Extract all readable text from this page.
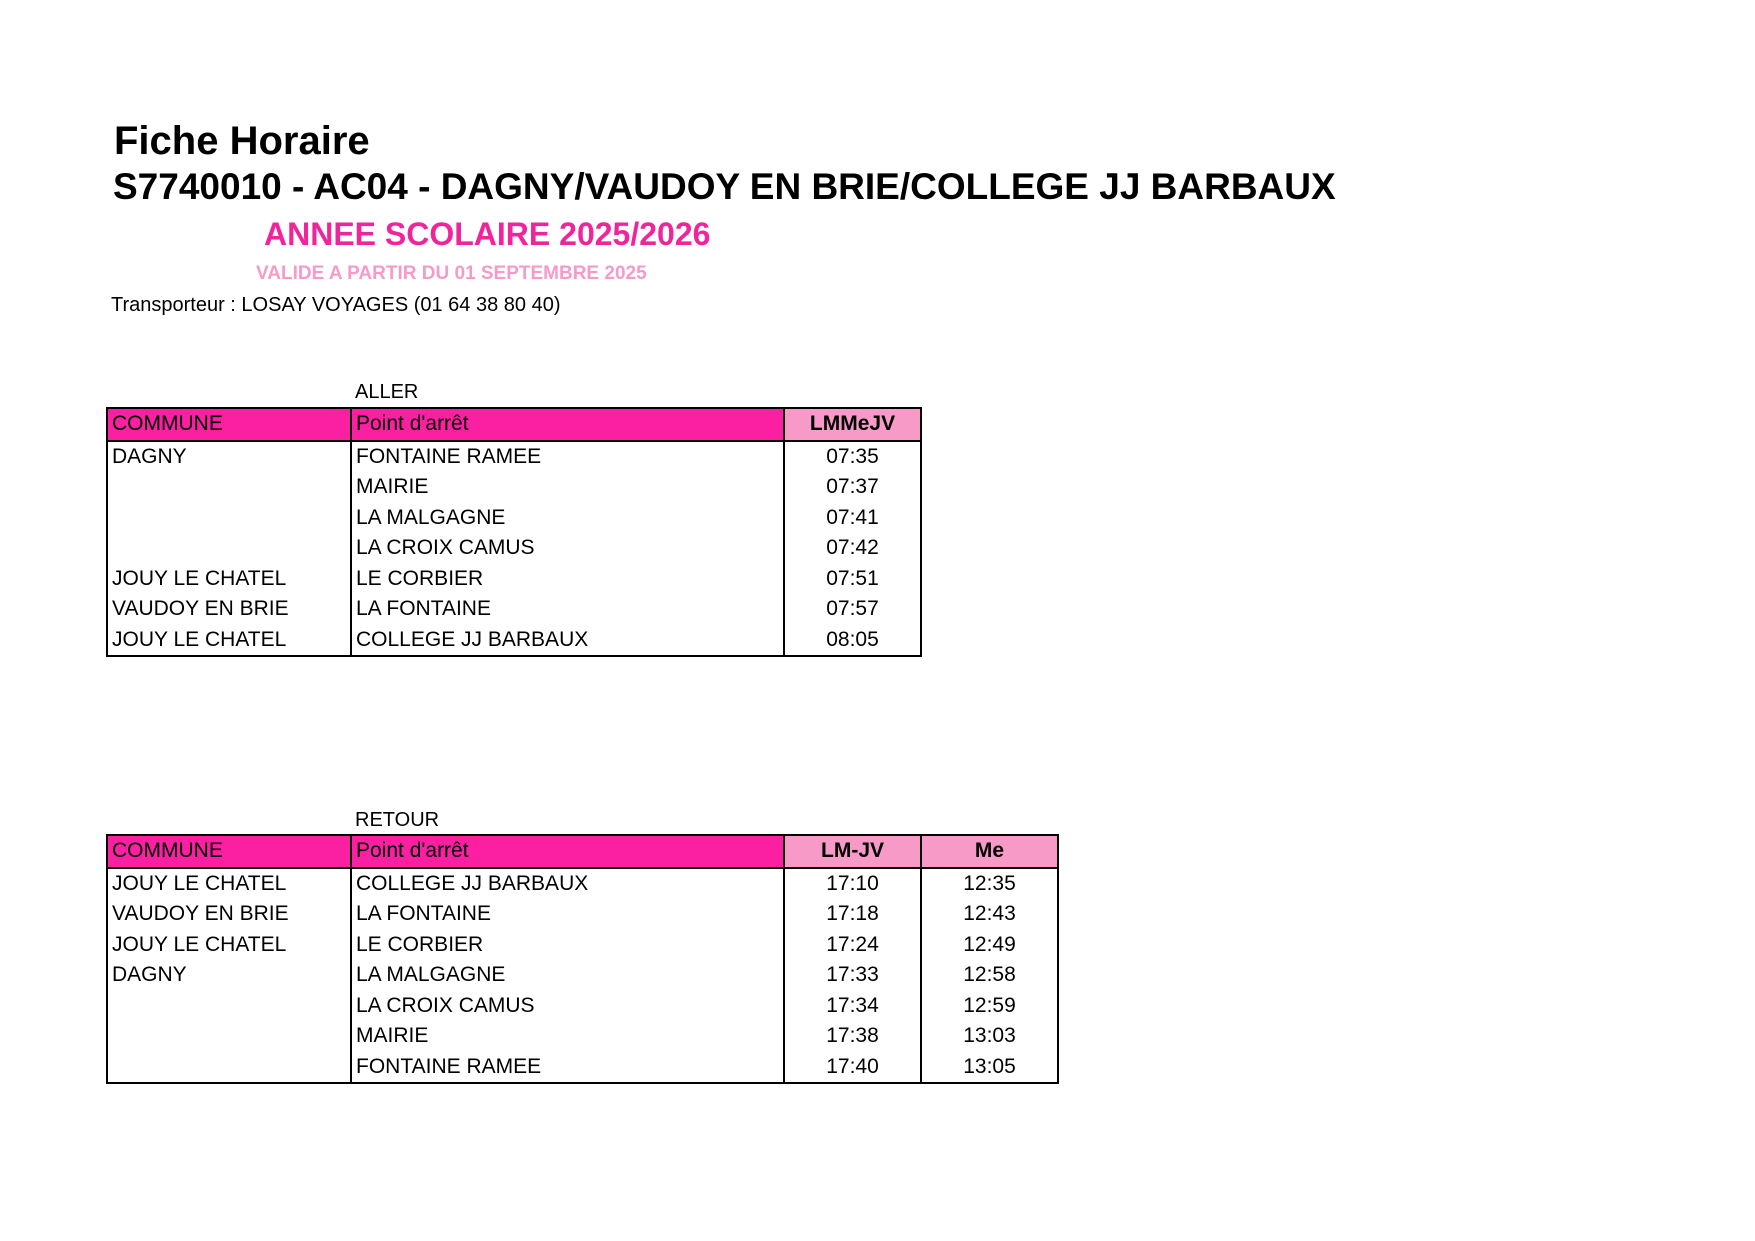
Fiche Horaire
S7740010 - AC04 - DAGNY/VAUDOY EN BRIE/COLLEGE JJ BARBAUX
ANNEE SCOLAIRE 2025/2026
VALIDE A PARTIR DU 01 SEPTEMBRE 2025
Transporteur : LOSAY VOYAGES (01 64 38 80 40)
ALLER
COMMUNE	Point d'arrêt	LMMeJV
DAGNY	FONTAINE RAMEE	07:35
	MAIRIE	07:37
	LA MALGAGNE	07:41
	LA CROIX CAMUS	07:42
JOUY LE CHATEL	LE CORBIER	07:51
VAUDOY EN BRIE	LA FONTAINE	07:57
JOUY LE CHATEL	COLLEGE JJ BARBAUX	08:05
RETOUR
COMMUNE	Point d'arrêt	LM-JV	Me
JOUY LE CHATEL	COLLEGE JJ BARBAUX	17:10	12:35
VAUDOY EN BRIE	LA FONTAINE	17:18	12:43
JOUY LE CHATEL	LE CORBIER	17:24	12:49
DAGNY	LA MALGAGNE	17:33	12:58
	LA CROIX CAMUS	17:34	12:59
	MAIRIE	17:38	13:03
	FONTAINE RAMEE	17:40	13:05
